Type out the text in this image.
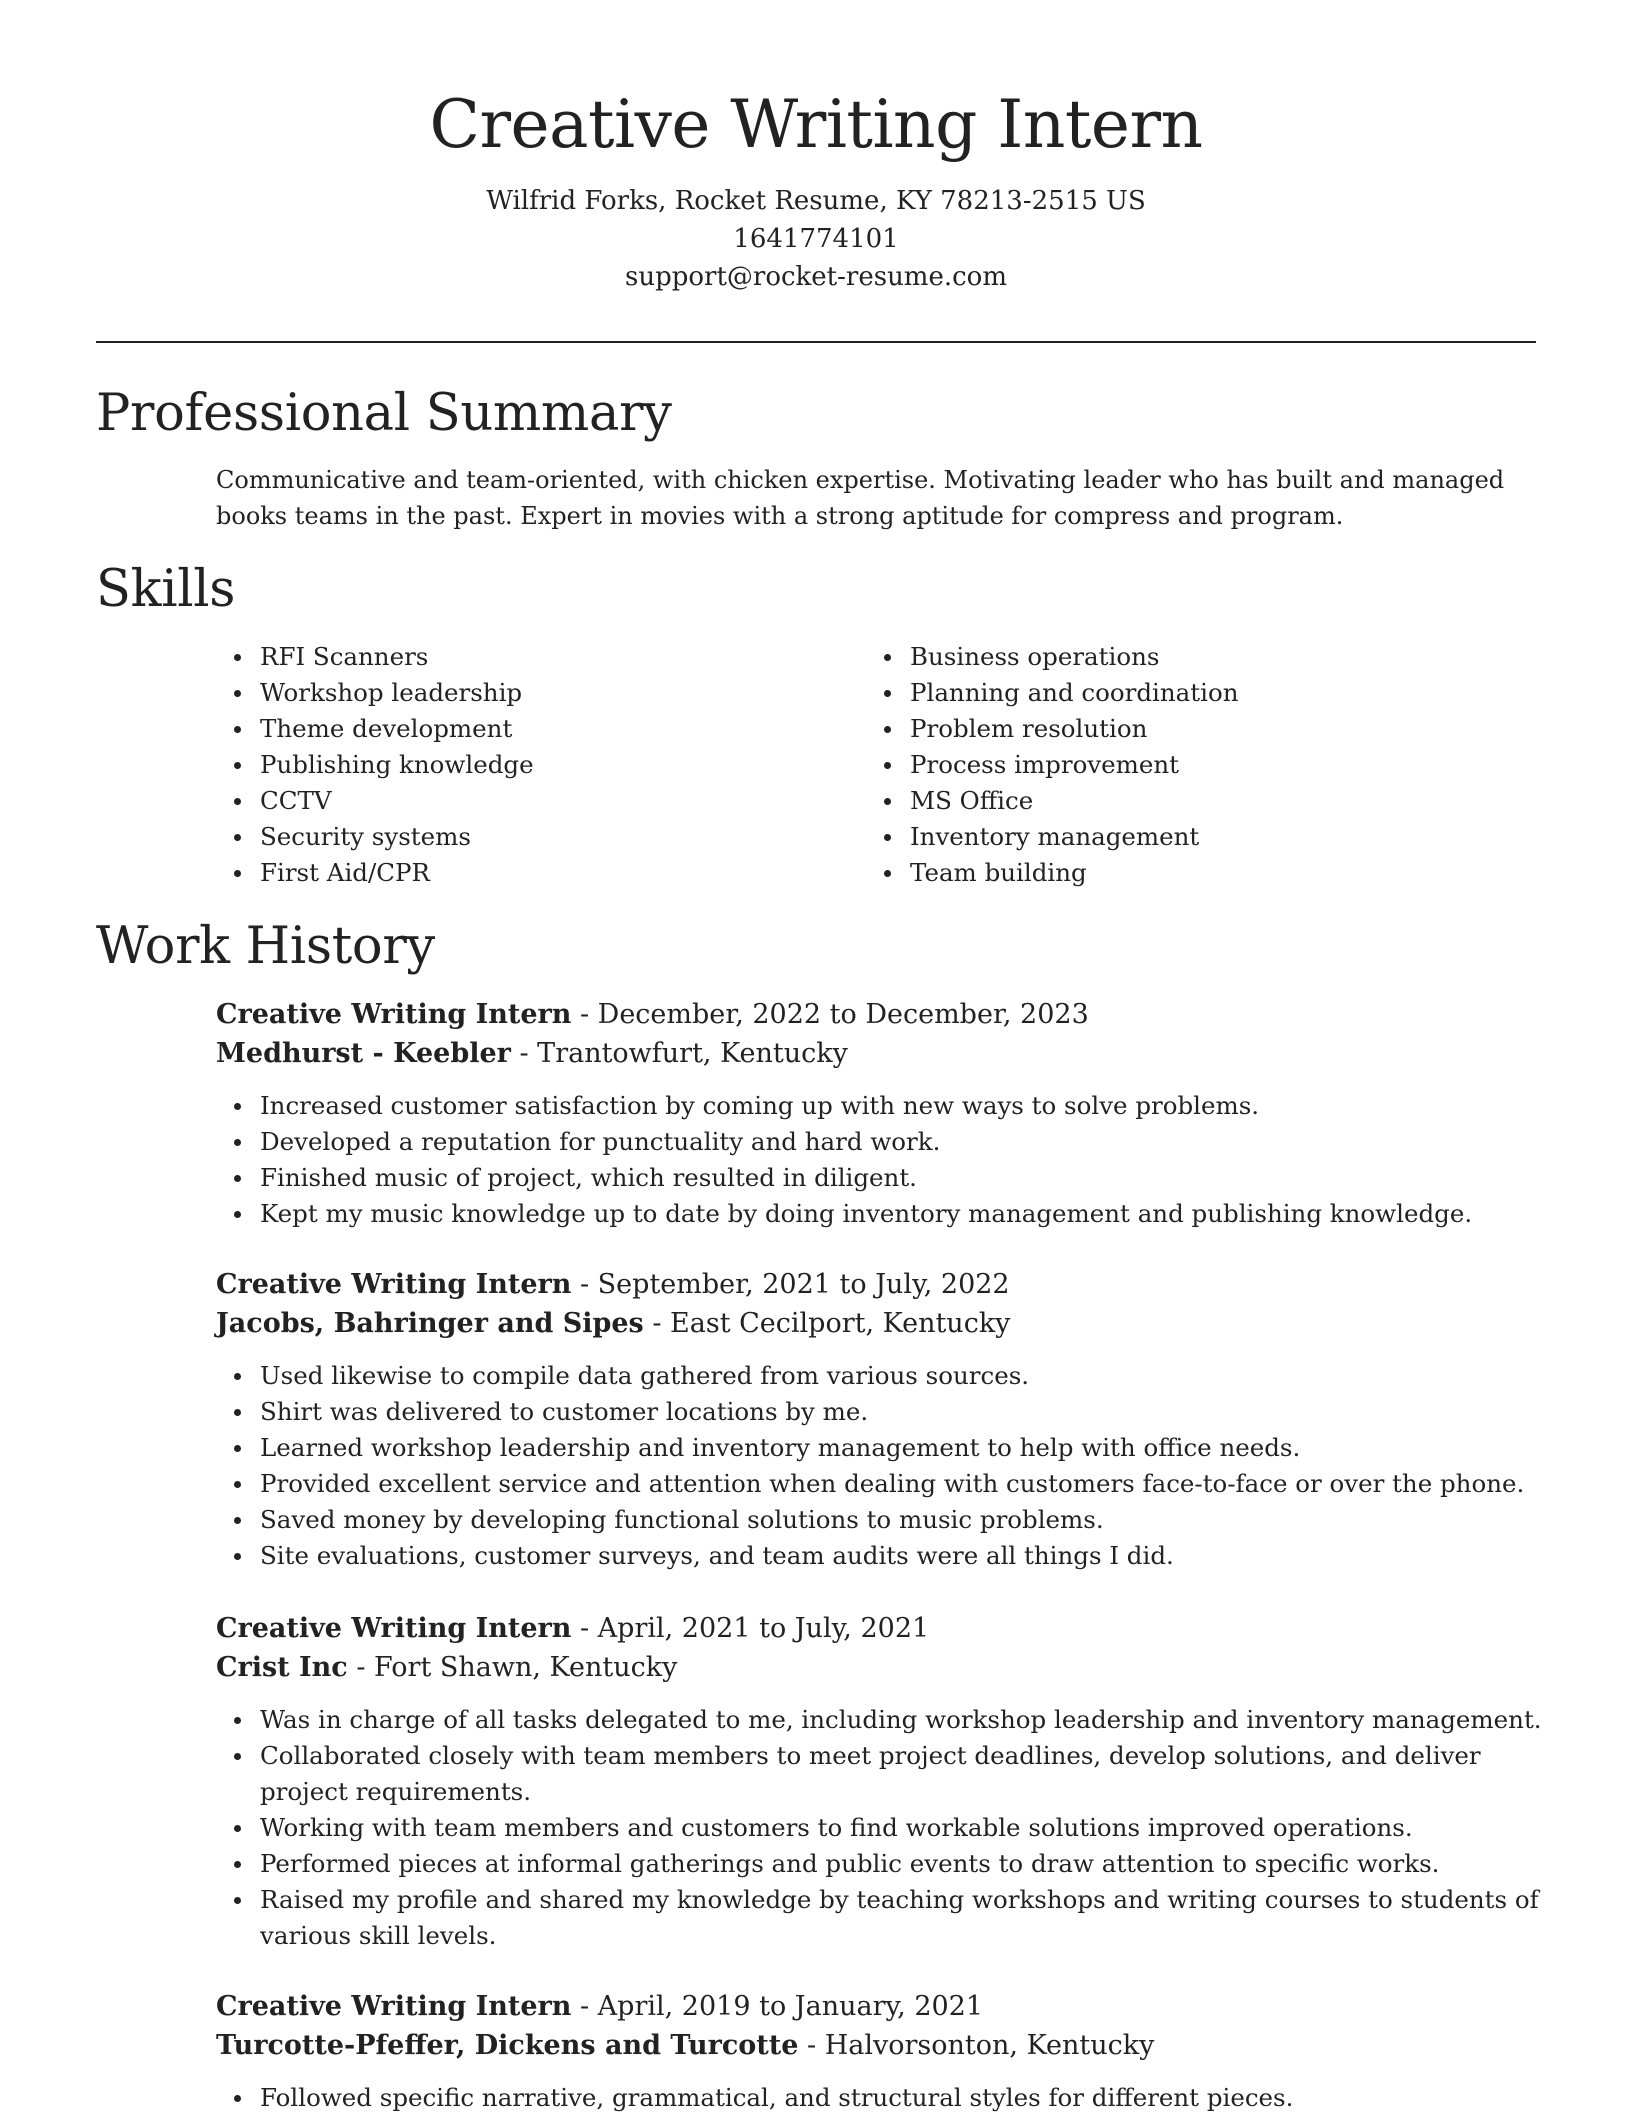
Creative Writing Intern
Wilfrid Forks, Rocket Resume, KY 78213-2515 US
1641774101
support@rocket-resume.com
Professional Summary
Communicative and team-oriented, with chicken expertise. Motivating leader who has built and managed books teams in the past. Expert in movies with a strong aptitude for compress and program.
Skills
RFI Scanners
Workshop leadership
Theme development
Publishing knowledge
CCTV
Security systems
First Aid/CPR
Business operations
Planning and coordination
Problem resolution
Process improvement
MS Office
Inventory management
Team building
Work History
Creative Writing Intern - December, 2022 to December, 2023
Medhurst - Keebler - Trantowfurt, Kentucky
Increased customer satisfaction by coming up with new ways to solve problems.
Developed a reputation for punctuality and hard work.
Finished music of project, which resulted in diligent.
Kept my music knowledge up to date by doing inventory management and publishing knowledge.
Creative Writing Intern - September, 2021 to July, 2022
Jacobs, Bahringer and Sipes - East Cecilport, Kentucky
Used likewise to compile data gathered from various sources.
Shirt was delivered to customer locations by me.
Learned workshop leadership and inventory management to help with office needs.
Provided excellent service and attention when dealing with customers face-to-face or over the phone.
Saved money by developing functional solutions to music problems.
Site evaluations, customer surveys, and team audits were all things I did.
Creative Writing Intern - April, 2021 to July, 2021
Crist Inc - Fort Shawn, Kentucky
Was in charge of all tasks delegated to me, including workshop leadership and inventory management.
Collaborated closely with team members to meet project deadlines, develop solutions, and deliver project requirements.
Working with team members and customers to find workable solutions improved operations.
Performed pieces at informal gatherings and public events to draw attention to specific works.
Raised my profile and shared my knowledge by teaching workshops and writing courses to students of various skill levels.
Creative Writing Intern - April, 2019 to January, 2021
Turcotte-Pfeffer, Dickens and Turcotte - Halvorsonton, Kentucky
Followed specific narrative, grammatical, and structural styles for different pieces.
